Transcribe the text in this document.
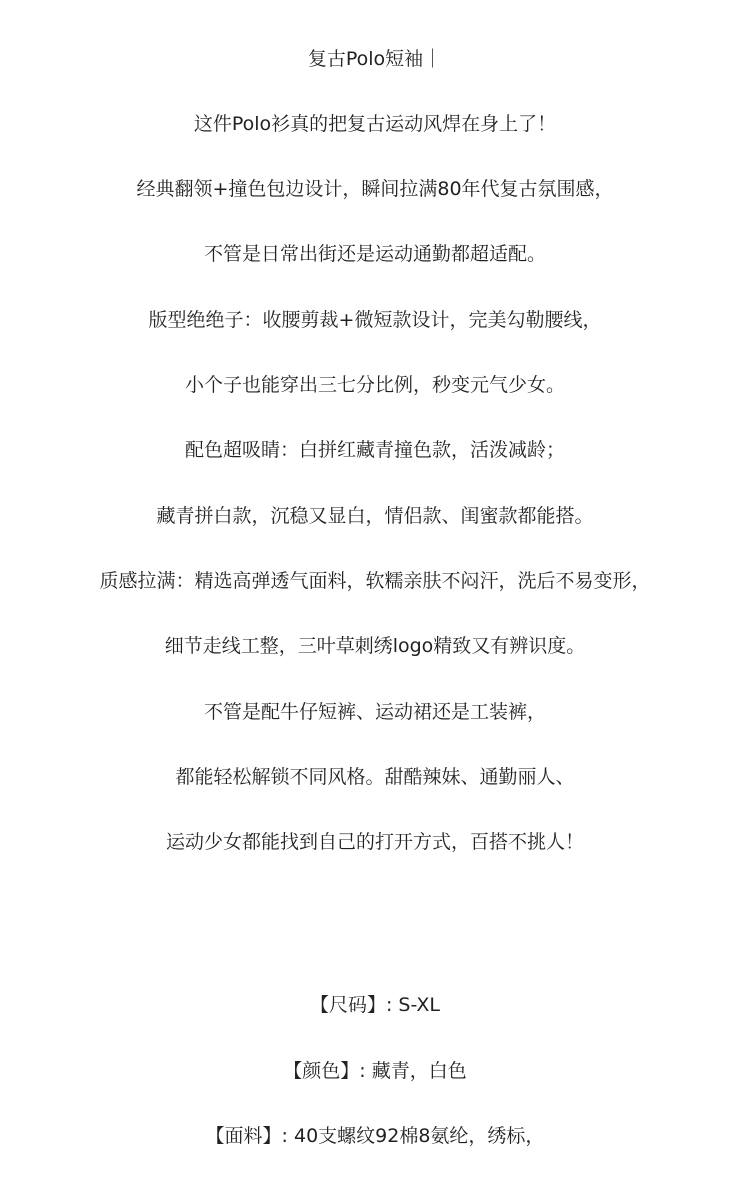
复古Polo短袖｜
这件Polo衫真的把复古运动风焊在身上了！
经典翻领+撞色包边设计，瞬间拉满80年代复古氛围感，
不管是日常出街还是运动通勤都超适配。
版型绝绝子：收腰剪裁+微短款设计，完美勾勒腰线，
小个子也能穿出三七分比例，秒变元气少女。
配色超吸睛：白拼红藏青撞色款，活泼减龄；
藏青拼白款，沉稳又显白，情侣款、闺蜜款都能搭。
质感拉满：精选高弹透气面料，软糯亲肤不闷汗，洗后不易变形，
细节走线工整，三叶草刺绣logo精致又有辨识度。
不管是配牛仔短裤、运动裙还是工装裤，
都能轻松解锁不同风格。甜酷辣妹、通勤丽人、
运动少女都能找到自己的打开方式，百搭不挑人！
【尺码】: S-XL
【颜色】: 藏青，白色
【面料】: 40支螺纹92棉8氨纶，绣标，
